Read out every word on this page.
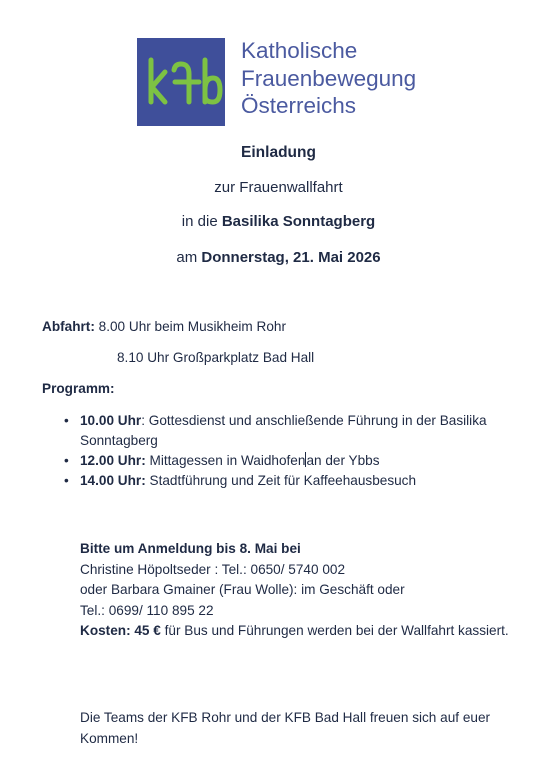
kfb
Katholische
Frauenbewegung
Österreichs
Einladung
zur Frauenwallfahrt
in die Basilika Sonntagberg
am Donnerstag, 21. Mai 2026
Abfahrt: 8.00 Uhr beim Musikheim Rohr
8.10 Uhr Großparkplatz Bad Hall
Programm:
• 10.00 Uhr: Gottesdienst und anschließende Führung in der Basilika Sonntagberg
• 12.00 Uhr: Mittagessen in Waidhofenan der Ybbs
• 14.00 Uhr: Stadtführung und Zeit für Kaffeehausbesuch
Bitte um Anmeldung bis 8. Mai bei
Christine Höpoltseder : Tel.: 0650/ 5740 002
oder Barbara Gmainer (Frau Wolle): im Geschäft oder
Tel.: 0699/ 110 895 22
Kosten: 45 € für Bus und Führungen werden bei der Wallfahrt kassiert.
Die Teams der KFB Rohr und der KFB Bad Hall freuen sich auf euer Kommen!
